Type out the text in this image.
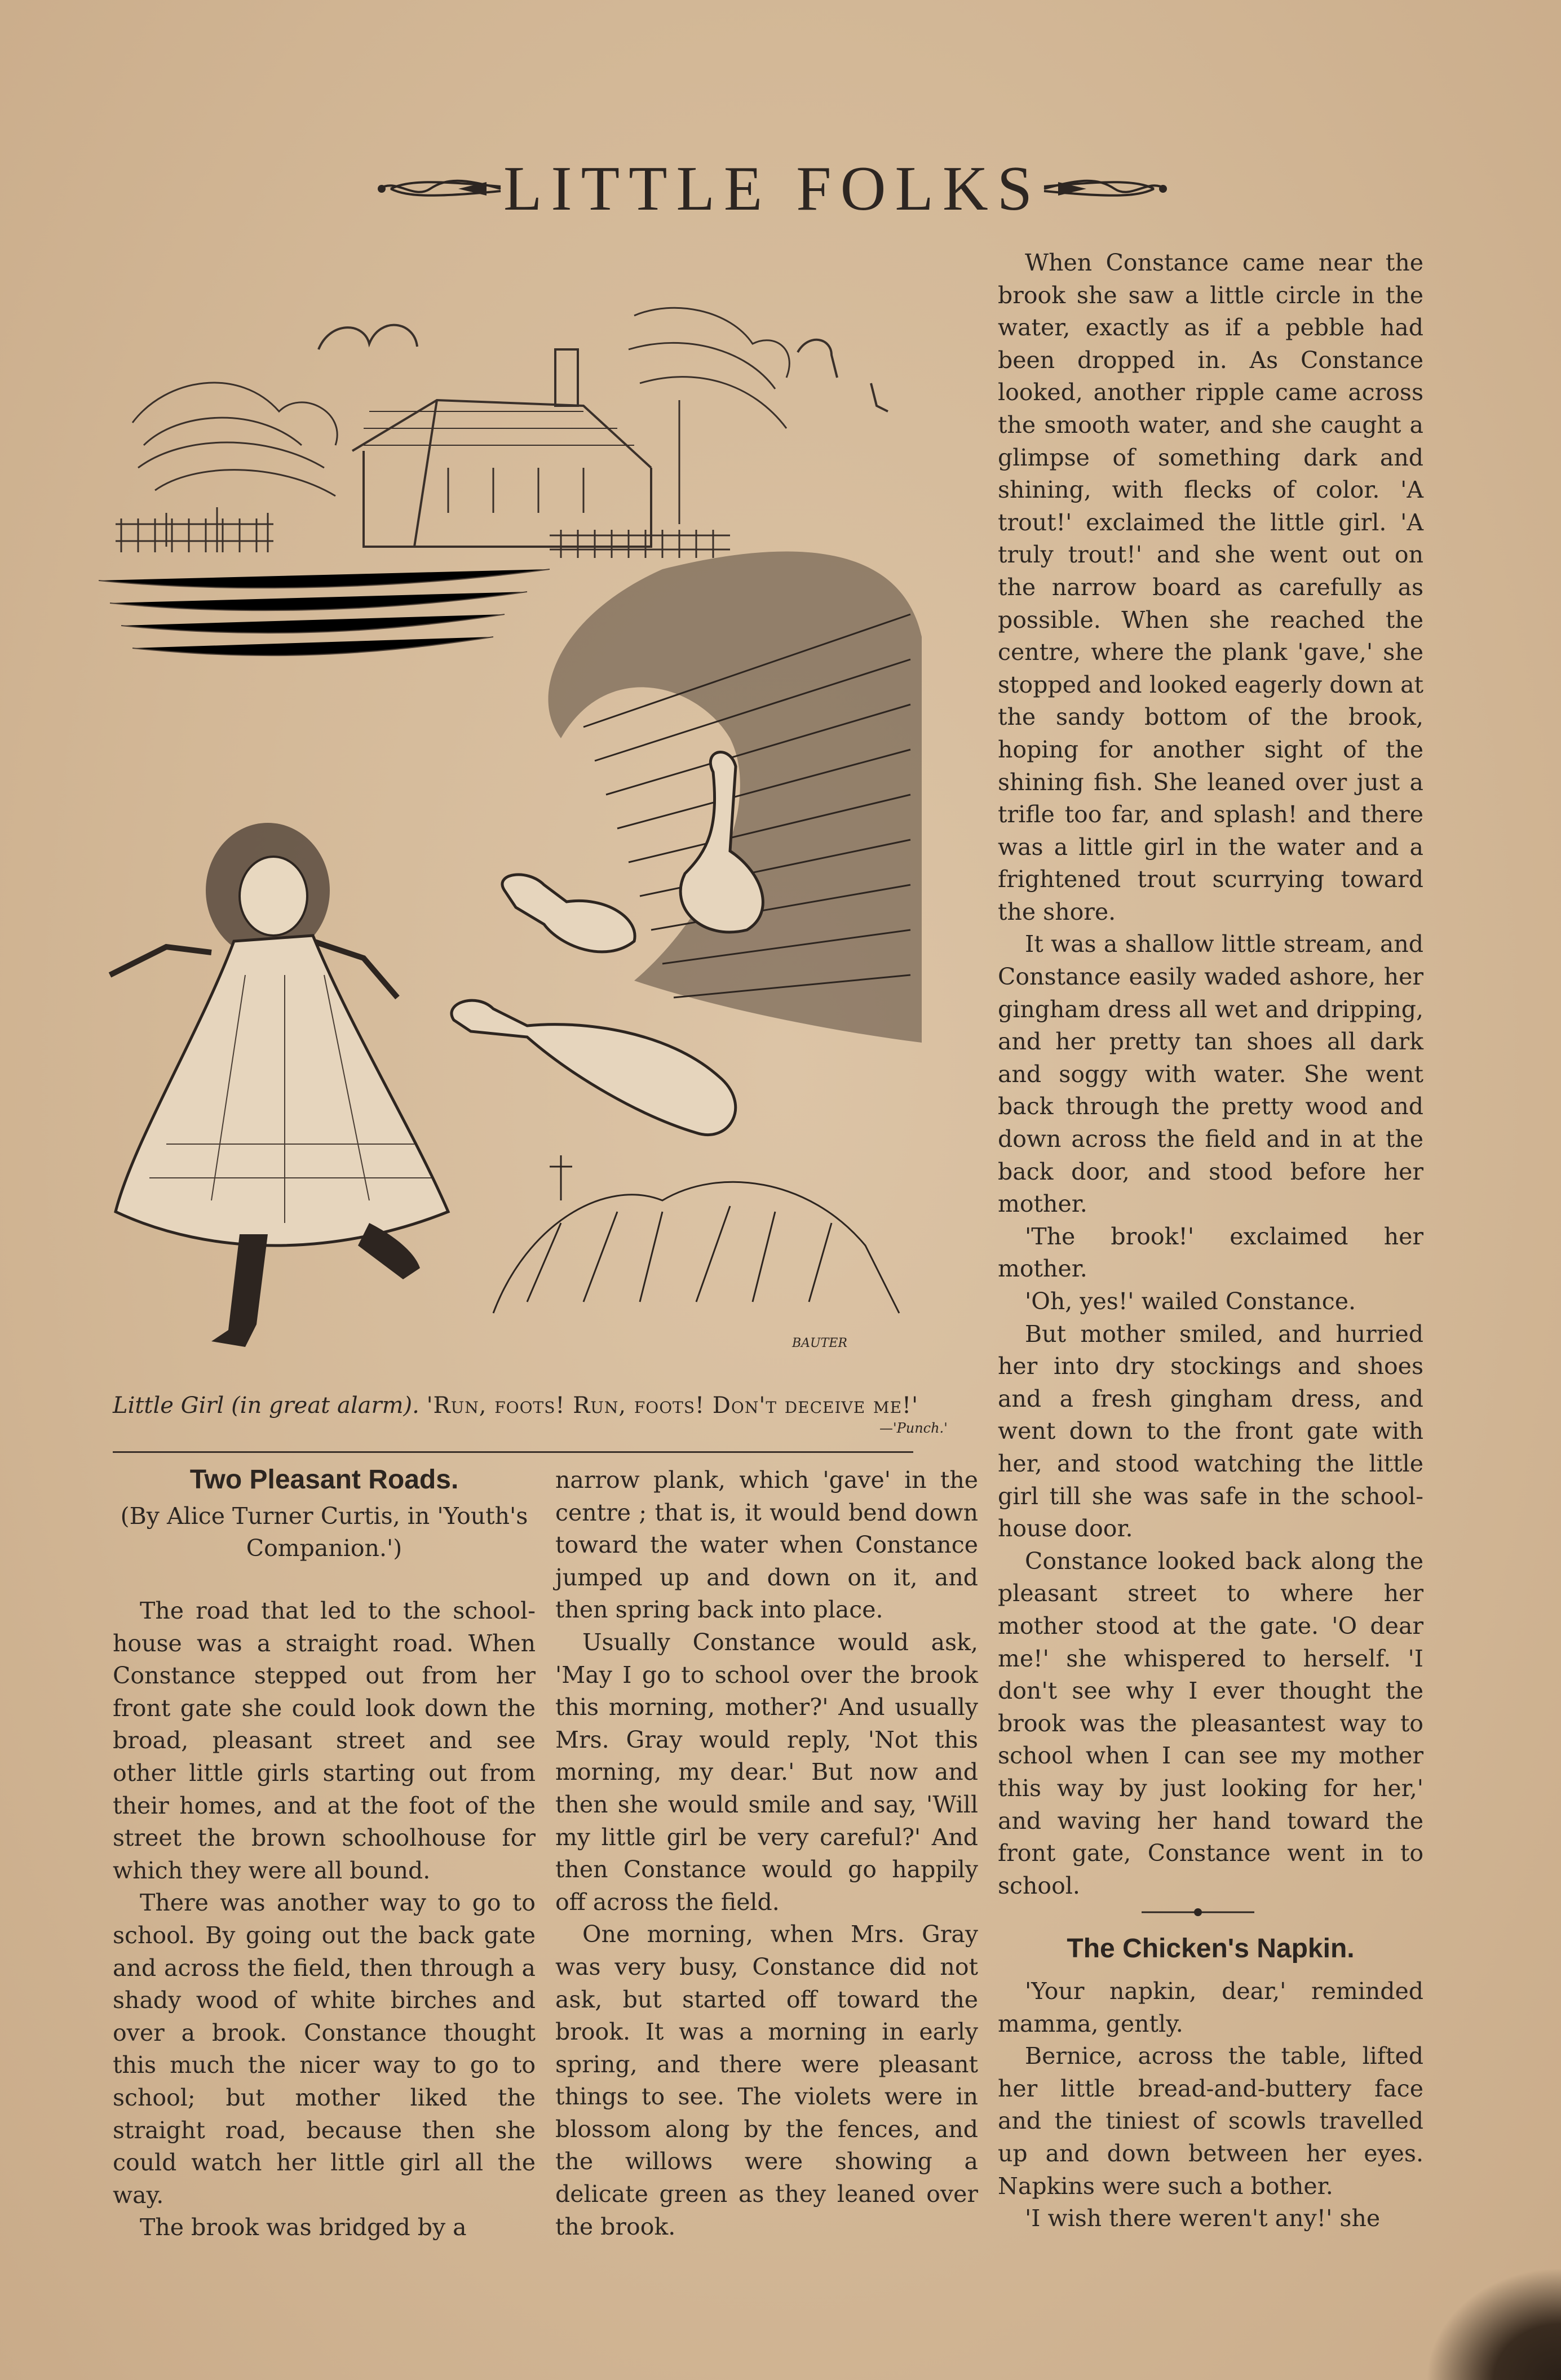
LITTLE FOLKS
BAUTER
Little Girl (in great alarm). 'Run, foots! Run, foots! Don't deceive me!'
—'Punch.'
Two Pleasant Roads.
(By Alice Turner Curtis, in 'Youth's Companion.')

The road that led to the school-house was a straight road. When Constance stepped out from her front gate she could look down the broad, pleasant street and see other little girls starting out from their homes, and at the foot of the street the brown schoolhouse for which they were all bound.

There was another way to go to school. By going out the back gate and across the field, then through a shady wood of white birches and over a brook. Constance thought this much the nicer way to go to school; but mother liked the straight road, because then she could watch her little girl all the way.

The brook was bridged by a

narrow plank, which 'gave' in the centre ; that is, it would bend down toward the water when Constance jumped up and down on it, and then spring back into place.

Usually Constance would ask, 'May I go to school over the brook this morning, mother?' And usually Mrs. Gray would reply, 'Not this morning, my dear.' But now and then she would smile and say, 'Will my little girl be very careful?' And then Constance would go happily off across the field.

One morning, when Mrs. Gray was very busy, Constance did not ask, but started off toward the brook. It was a morning in early spring, and there were pleasant things to see. The violets were in blossom along by the fences, and the willows were showing a delicate green as they leaned over the brook.

When Constance came near the brook she saw a little circle in the water, exactly as if a pebble had been dropped in. As Constance looked, another ripple came across the smooth water, and she caught a glimpse of something dark and shining, with flecks of color. 'A trout!' exclaimed the little girl. 'A truly trout!' and she went out on the narrow board as carefully as possible. When she reached the centre, where the plank 'gave,' she stopped and looked eagerly down at the sandy bottom of the brook, hoping for another sight of the shining fish. She leaned over just a trifle too far, and splash! and there was a little girl in the water and a frightened trout scurrying toward the shore.

It was a shallow little stream, and Constance easily waded ashore, her gingham dress all wet and dripping, and her pretty tan shoes all dark and soggy with water. She went back through the pretty wood and down across the field and in at the back door, and stood before her mother.

'The brook!' exclaimed her mother.

'Oh, yes!' wailed Constance.

But mother smiled, and hurried her into dry stockings and shoes and a fresh gingham dress, and went down to the front gate with her, and stood watching the little girl till she was safe in the school-house door.

Constance looked back along the pleasant street to where her mother stood at the gate. 'O dear me!' she whispered to herself. 'I don't see why I ever thought the brook was the pleasantest way to school when I can see my mother this way by just looking for her,' and waving her hand toward the front gate, Constance went in to school.

The Chicken's Napkin.

'Your napkin, dear,' reminded mamma, gently.

Bernice, across the table, lifted her little bread-and-buttery face and the tiniest of scowls travelled up and down between her eyes. Napkins were such a bother.

'I wish there weren't any!' she
